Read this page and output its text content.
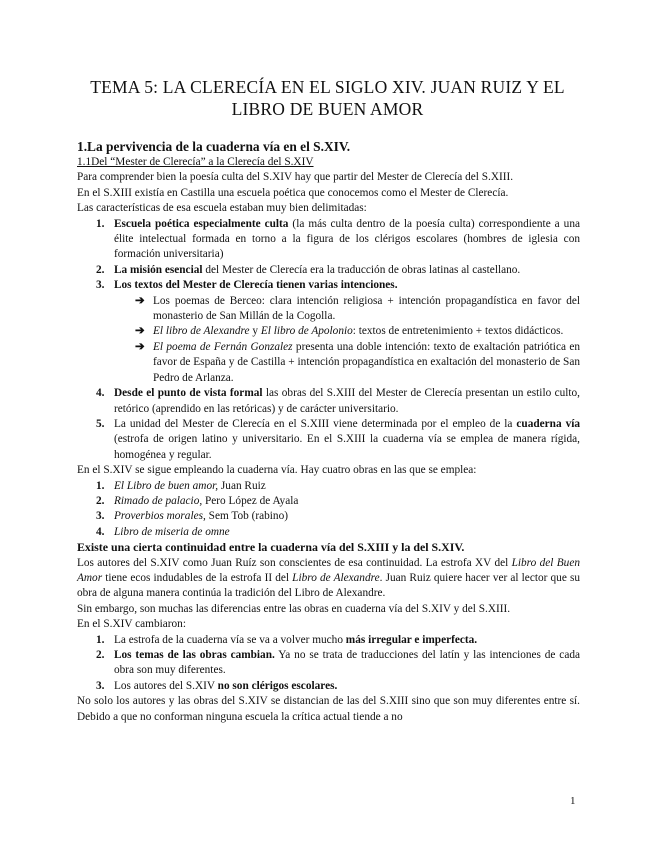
TEMA 5: LA CLERECÍA EN EL SIGLO XIV. JUAN RUIZ Y EL
LIBRO DE BUEN AMOR

1.La pervivencia de la cuaderna vía en el S.XIV.

1.1Del “Mester de Clerecía” a la Clerecía del S.XIV

Para comprender bien la poesía culta del S.XIV hay que partir del Mester de Clerecía del S.XIII.

En el S.XIII existía en Castilla una escuela poética que conocemos como el Mester de Clerecía.

Las características de esa escuela estaban muy bien delimitadas:

1. Escuela poética especialmente culta (la más culta dentro de la poesía culta) correspondiente a una élite intelectual formada en torno a la figura de los clérigos escolares (hombres de iglesia con formación universitaria)
2. La misión esencial del Mester de Clerecía era la traducción de obras latinas al castellano.
3. Los textos del Mester de Clerecía tienen varias intenciones.
➔ Los poemas de Berceo: clara intención religiosa + intención propagandística en favor del monasterio de San Millán de la Cogolla.
➔ El libro de Alexandre y El libro de Apolonio: textos de entretenimiento + textos didácticos.
➔ El poema de Fernán Gonzalez presenta una doble intención: texto de exaltación patriótica en favor de España y de Castilla + intención propagandística en exaltación del monasterio de San Pedro de Arlanza.
4. Desde el punto de vista formal las obras del S.XIII del Mester de Clerecía presentan un estilo culto, retórico (aprendido en las retóricas) y de carácter universitario.
5. La unidad del Mester de Clerecía en el S.XIII viene determinada por el empleo de la cuaderna vía (estrofa de origen latino y universitario. En el S.XIII la cuaderna vía se emplea de manera rígida, homogénea y regular.

En el S.XIV se sigue empleando la cuaderna vía. Hay cuatro obras en las que se emplea:

1. El Libro de buen amor, Juan Ruiz
2. Rimado de palacio, Pero López de Ayala
3. Proverbios morales, Sem Tob (rabino)
4. Libro de miseria de omne

Existe una cierta continuidad entre la cuaderna vía del S.XIII y la del S.XIV.

Los autores del S.XIV como Juan Ruíz son conscientes de esa continuidad. La estrofa XV del Libro del Buen Amor tiene ecos indudables de la estrofa II del Libro de Alexandre. Juan Ruiz quiere hacer ver al lector que su obra de alguna manera continúa la tradición del Libro de Alexandre.

Sin embargo, son muchas las diferencias entre las obras en cuaderna vía del S.XIV y del S.XIII.

En el S.XIV cambiaron:

1. La estrofa de la cuaderna vía se va a volver mucho más irregular e imperfecta.
2. Los temas de las obras cambian. Ya no se trata de traducciones del latín y las intenciones de cada obra son muy diferentes.
3. Los autores del S.XIV no son clérigos escolares.

No solo los autores y las obras del S.XIV se distancian de las del S.XIII sino que son muy diferentes entre sí. Debido a que no conforman ninguna escuela la crítica actual tiende a no

1
